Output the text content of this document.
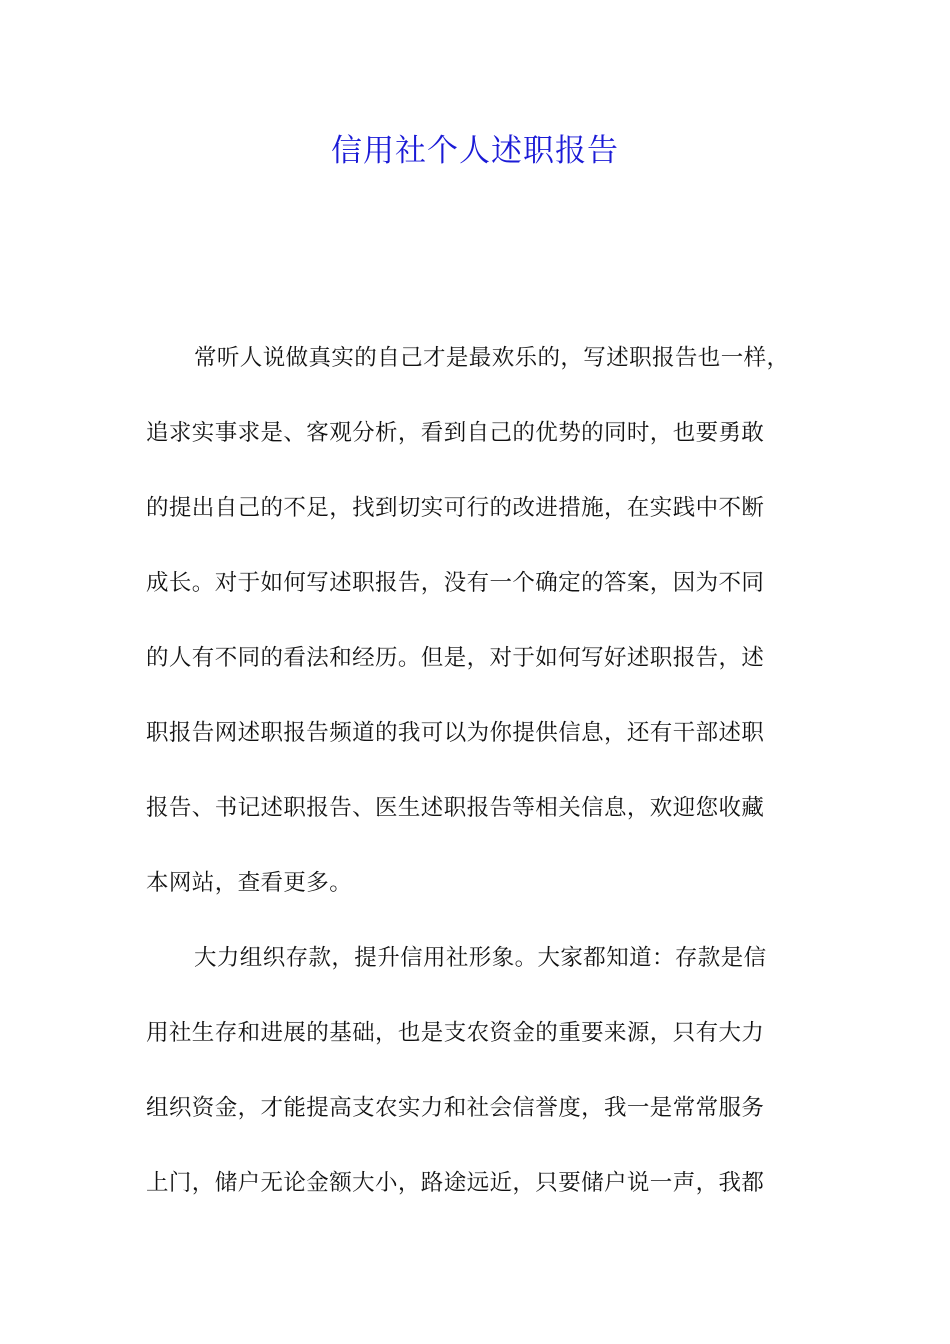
信用社个人述职报告
常听人说做真实的自己才是最欢乐的，写述职报告也一样，
追求实事求是、客观分析，看到自己的优势的同时，也要勇敢
的提出自己的不足，找到切实可行的改进措施，在实践中不断
成长。对于如何写述职报告，没有一个确定的答案，因为不同
的人有不同的看法和经历。但是，对于如何写好述职报告，述
职报告网述职报告频道的我可以为你提供信息，还有干部述职
报告、书记述职报告、医生述职报告等相关信息，欢迎您收藏
本网站，查看更多。
大力组织存款，提升信用社形象。大家都知道：存款是信
用社生存和进展的基础，也是支农资金的重要来源，只有大力
组织资金，才能提高支农实力和社会信誉度，我一是常常服务
上门，储户无论金额大小，路途远近，只要储户说一声，我都
